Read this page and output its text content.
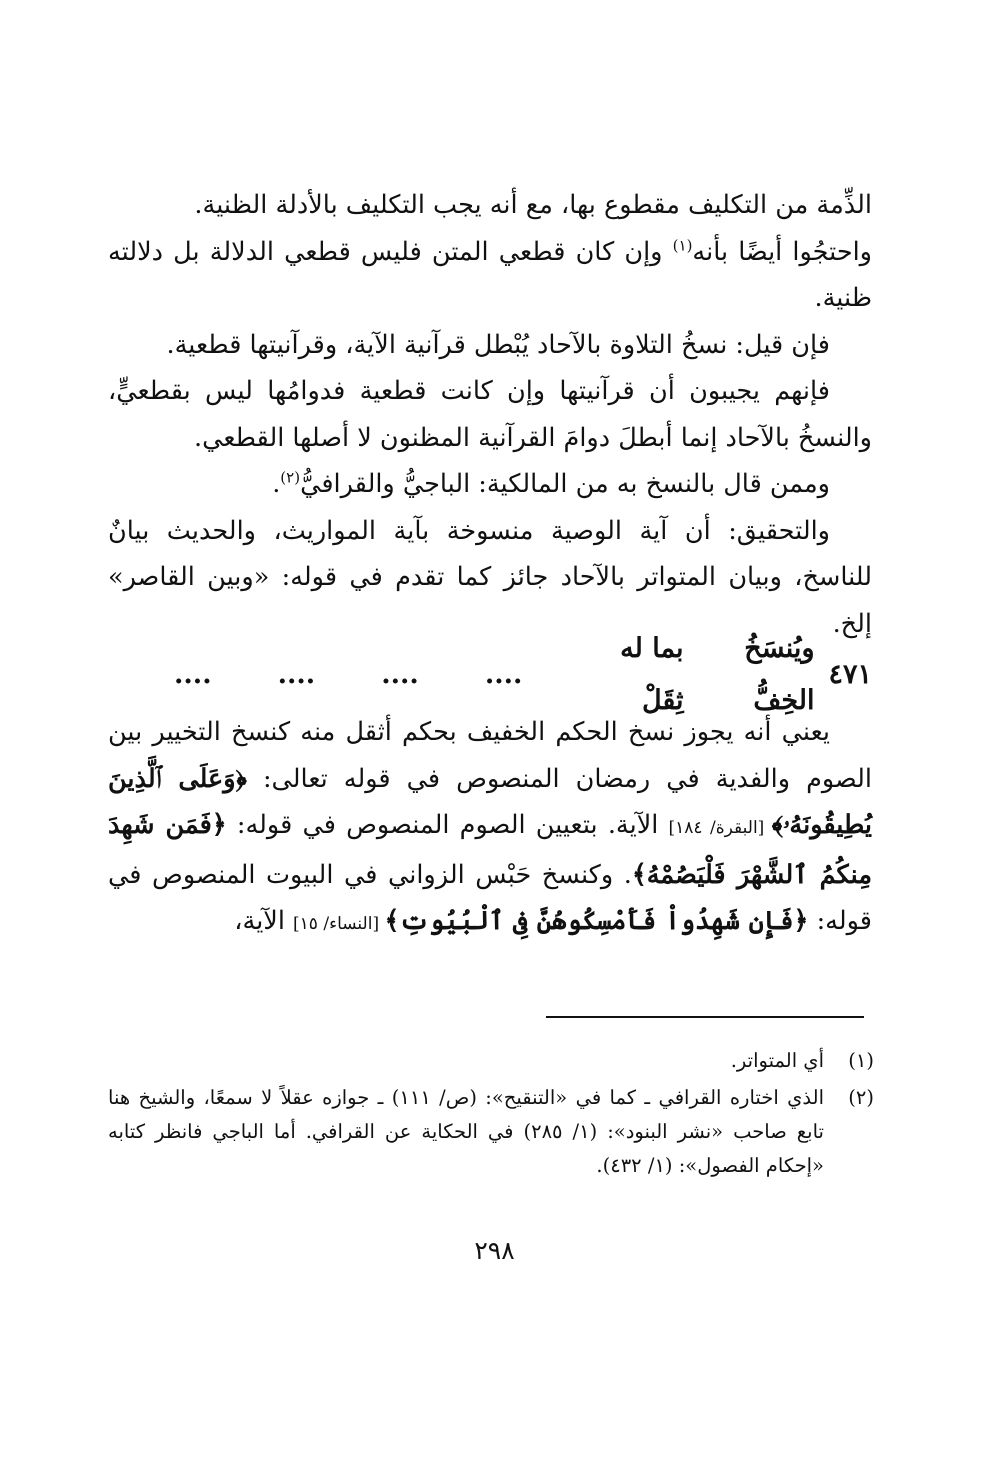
الذِّمة من التكليف مقطوع بها، مع أنه يجب التكليف بالأدلة الظنية.

واحتجُوا أيضًا بأنه$^{(١)}$ وإن كان قطعي المتن فليس قطعي الدلالة بل دلالته ظنية.

فإن قيل: نسخُ التلاوة بالآحاد يُبْطل قرآنية الآية، وقرآنيتها قطعية.

فإنهم يجيبون أن قرآنيتها وإن كانت قطعية فدوامُها ليس بقطعيٍّ، والنسخُ بالآحاد إنما أبطلَ دوامَ القرآنية المظنون لا أصلها القطعي.

وممن قال بالنسخ به من المالكية: الباجيُّ والقرافيُّ$^{(٢)}$.

والتحقيق: أن آية الوصية منسوخة بآية المواريث، والحديث بيانٌ للناسخ، وبيان المتواتر بالآحاد جائز كما تقدم في قوله: «وبين القاصر» إلخ.

٤٧١
ويُنسَخُ الخِفُّ
بما له ثِقَلْ
....
....
....
....

يعني أنه يجوز نسخ الحكم الخفيف بحكم أثقل منه كنسخ التخيير بين الصوم والفدية في رمضان المنصوص في قوله تعالى: ﴿وَعَلَى ٱلَّذِينَ يُطِيقُونَهُۥ﴾ [البقرة/ ١٨٤] الآية. بتعيين الصوم المنصوص في قوله: ﴿فَمَن شَهِدَ مِنكُمُ ٱلشَّهْرَ فَلْيَصُمْهُ﴾. وكنسخ حَبْس الزواني في البيوت المنصوص في قوله: ﴿فَإِن شَهِدُواْ فَأَمْسِكُوهُنَّ فِى ٱلْبُيُوتِ﴾ [النساء/ ١٥] الآية،

(١)
أي المتواتر.
(٢)
الذي اختاره القرافي ـ كما في «التنقيح»: (ص/ ١١١) ـ جوازه عقلاً لا سمعًا، والشيخ هنا تابع صاحب «نشر البنود»: (١/ ٢٨٥) في الحكاية عن القرافي. أما الباجي فانظر كتابه «إحكام الفصول»: (١/ ٤٣٢).
٢٩٨
